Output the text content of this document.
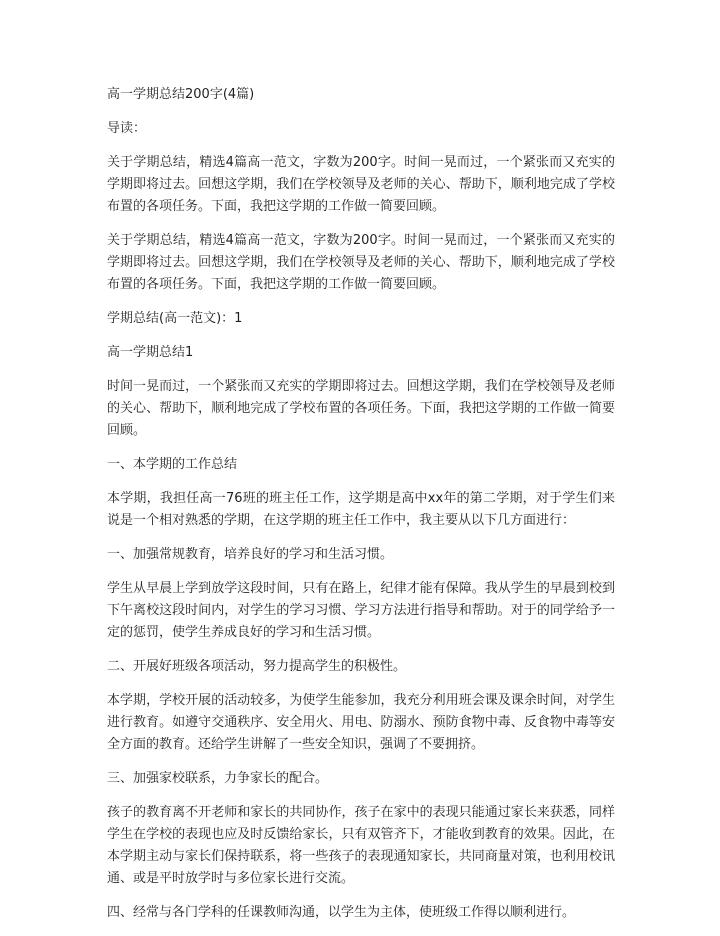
高一学期总结200字(4篇)

导读：

关于学期总结，精选4篇高一范文，字数为200字。时间一晃而过，一个紧张而又充实的学期即将过去。回想这学期，我们在学校领导及老师的关心、帮助下，顺利地完成了学校布置的各项任务。下面，我把这学期的工作做一简要回顾。

关于学期总结，精选4篇高一范文，字数为200字。时间一晃而过，一个紧张而又充实的学期即将过去。回想这学期，我们在学校领导及老师的关心、帮助下，顺利地完成了学校布置的各项任务。下面，我把这学期的工作做一简要回顾。

学期总结(高一范文)：1

高一学期总结1

时间一晃而过，一个紧张而又充实的学期即将过去。回想这学期，我们在学校领导及老师的关心、帮助下，顺利地完成了学校布置的各项任务。下面，我把这学期的工作做一简要回顾。

一、本学期的工作总结

本学期，我担任高一76班的班主任工作，这学期是高中xx年的第二学期，对于学生们来说是一个相对熟悉的学期，在这学期的班主任工作中，我主要从以下几方面进行：

一、加强常规教育，培养良好的学习和生活习惯。

学生从早晨上学到放学这段时间，只有在路上，纪律才能有保障。我从学生的早晨到校到下午离校这段时间内，对学生的学习习惯、学习方法进行指导和帮助。对于的同学给予一定的惩罚，使学生养成良好的学习和生活习惯。

二、开展好班级各项活动，努力提高学生的积极性。

本学期，学校开展的活动较多，为使学生能参加，我充分利用班会课及课余时间，对学生进行教育。如遵守交通秩序、安全用火、用电、防溺水、预防食物中毒、反食物中毒等安全方面的教育。还给学生讲解了一些安全知识，强调了不要拥挤。

三、加强家校联系，力争家长的配合。

孩子的教育离不开老师和家长的共同协作，孩子在家中的表现只能通过家长来获悉，同样学生在学校的表现也应及时反馈给家长，只有双管齐下，才能收到教育的效果。因此，在本学期主动与家长们保持联系，将一些孩子的表现通知家长，共同商量对策，也利用校讯通、或是平时放学时与多位家长进行交流。

四、经常与各门学科的任课教师沟通，以学生为主体，使班级工作得以顺利进行。
